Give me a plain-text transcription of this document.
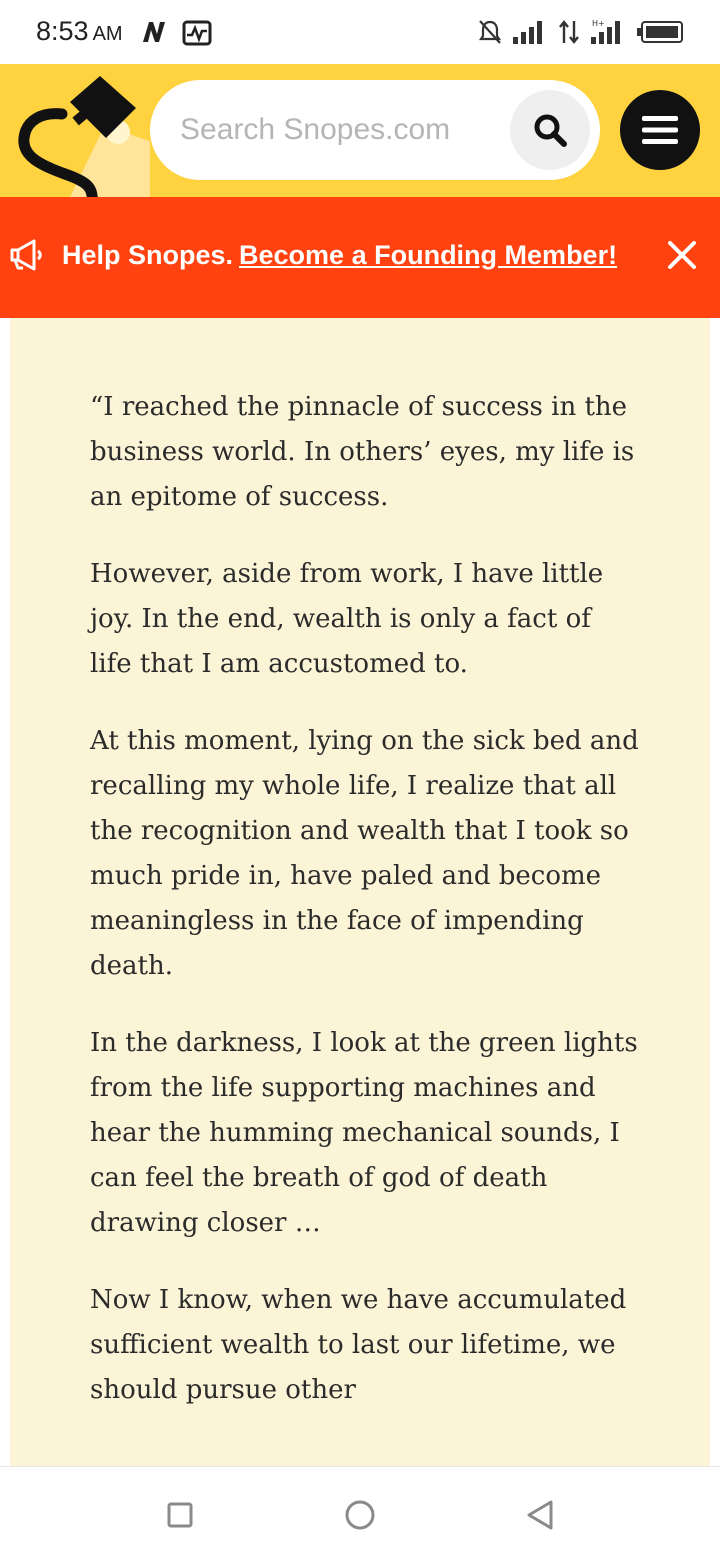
8:53 AM	H+
Search Snopes.com
Help Snopes. Become a Founding Member!

“I reached the pinnacle of success in the business world. In others’ eyes, my life is an epitome of success.

However, aside from work, I have little joy. In the end, wealth is only a fact of life that I am accustomed to.

At this moment, lying on the sick bed and recalling my whole life, I realize that all the recognition and wealth that I took so much pride in, have paled and become meaningless in the face of impending death.

In the darkness, I look at the green lights from the life supporting machines and hear the humming mechanical sounds, I can feel the breath of god of death drawing closer …

Now I know, when we have accumulated sufficient wealth to last our lifetime, we should pursue other
